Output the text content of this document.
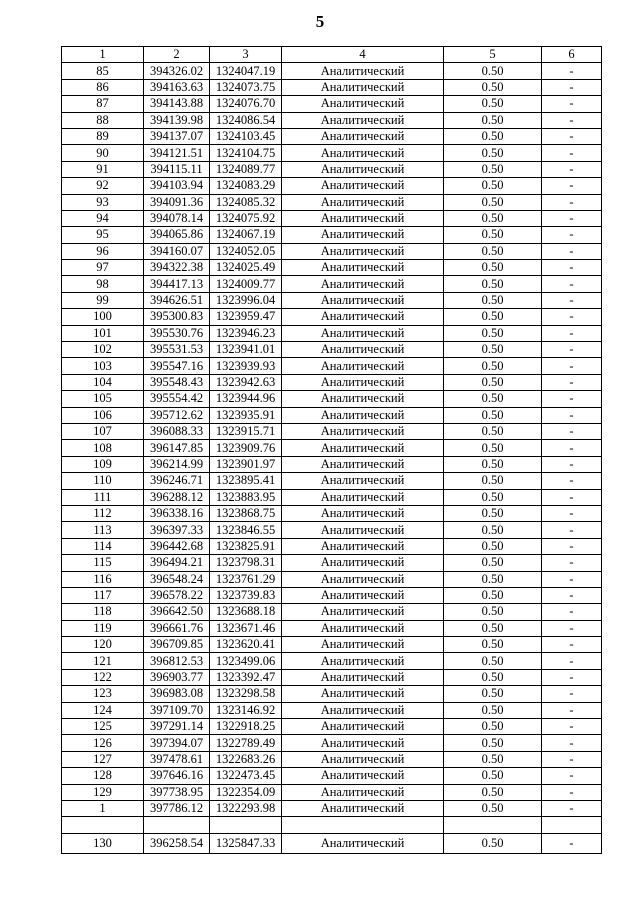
5
1	2	3	4	5	6
85	394326.02	1324047.19	Аналитический	0.50	-
86	394163.63	1324073.75	Аналитический	0.50	-
87	394143.88	1324076.70	Аналитический	0.50	-
88	394139.98	1324086.54	Аналитический	0.50	-
89	394137.07	1324103.45	Аналитический	0.50	-
90	394121.51	1324104.75	Аналитический	0.50	-
91	394115.11	1324089.77	Аналитический	0.50	-
92	394103.94	1324083.29	Аналитический	0.50	-
93	394091.36	1324085.32	Аналитический	0.50	-
94	394078.14	1324075.92	Аналитический	0.50	-
95	394065.86	1324067.19	Аналитический	0.50	-
96	394160.07	1324052.05	Аналитический	0.50	-
97	394322.38	1324025.49	Аналитический	0.50	-
98	394417.13	1324009.77	Аналитический	0.50	-
99	394626.51	1323996.04	Аналитический	0.50	-
100	395300.83	1323959.47	Аналитический	0.50	-
101	395530.76	1323946.23	Аналитический	0.50	-
102	395531.53	1323941.01	Аналитический	0.50	-
103	395547.16	1323939.93	Аналитический	0.50	-
104	395548.43	1323942.63	Аналитический	0.50	-
105	395554.42	1323944.96	Аналитический	0.50	-
106	395712.62	1323935.91	Аналитический	0.50	-
107	396088.33	1323915.71	Аналитический	0.50	-
108	396147.85	1323909.76	Аналитический	0.50	-
109	396214.99	1323901.97	Аналитический	0.50	-
110	396246.71	1323895.41	Аналитический	0.50	-
111	396288.12	1323883.95	Аналитический	0.50	-
112	396338.16	1323868.75	Аналитический	0.50	-
113	396397.33	1323846.55	Аналитический	0.50	-
114	396442.68	1323825.91	Аналитический	0.50	-
115	396494.21	1323798.31	Аналитический	0.50	-
116	396548.24	1323761.29	Аналитический	0.50	-
117	396578.22	1323739.83	Аналитический	0.50	-
118	396642.50	1323688.18	Аналитический	0.50	-
119	396661.76	1323671.46	Аналитический	0.50	-
120	396709.85	1323620.41	Аналитический	0.50	-
121	396812.53	1323499.06	Аналитический	0.50	-
122	396903.77	1323392.47	Аналитический	0.50	-
123	396983.08	1323298.58	Аналитический	0.50	-
124	397109.70	1323146.92	Аналитический	0.50	-
125	397291.14	1322918.25	Аналитический	0.50	-
126	397394.07	1322789.49	Аналитический	0.50	-
127	397478.61	1322683.26	Аналитический	0.50	-
128	397646.16	1322473.45	Аналитический	0.50	-
129	397738.95	1322354.09	Аналитический	0.50	-
1	397786.12	1322293.98	Аналитический	0.50	-

130	396258.54	1325847.33	Аналитический	0.50	-
